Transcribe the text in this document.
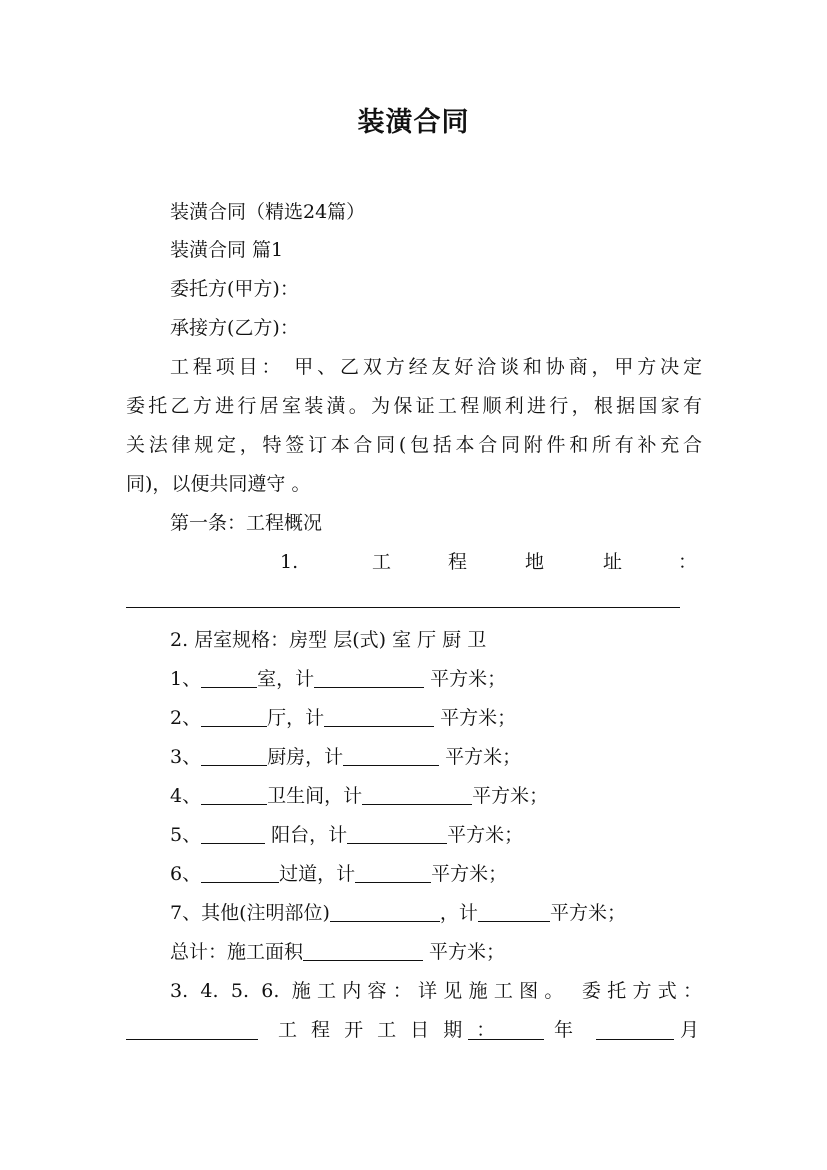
装潢合同
装潢合同（精选24篇）
装潢合同 篇1
委托方(甲方)：
承接方(乙方)：
工程项目： 甲、乙双方经友好洽谈和协商，甲方决定
委托乙方进行居室装潢。为保证工程顺利进行，根据国家有
关法律规定，特签订本合同(包括本合同附件和所有补充合
同)，以便共同遵守 。
第一条：工程概况
1.	工	程	地	址	：
2. 居室规格：房型 层(式) 室 厅 厨 卫
1、	室，计	平方米；
2、	厅，计	平方米；
3、	厨房，计	平方米；
4、	卫生间，计	平方米；
5、	阳台，计	平方米；
6、	过道，计	平方米；
7、其他(注明部位)	，计	平方米；
总计：施工面积	平方米；
3. 4. 5. 6. 施工内容：详见施工图。 委托方式：
工 程 开 工 日 期 ：	年	月
